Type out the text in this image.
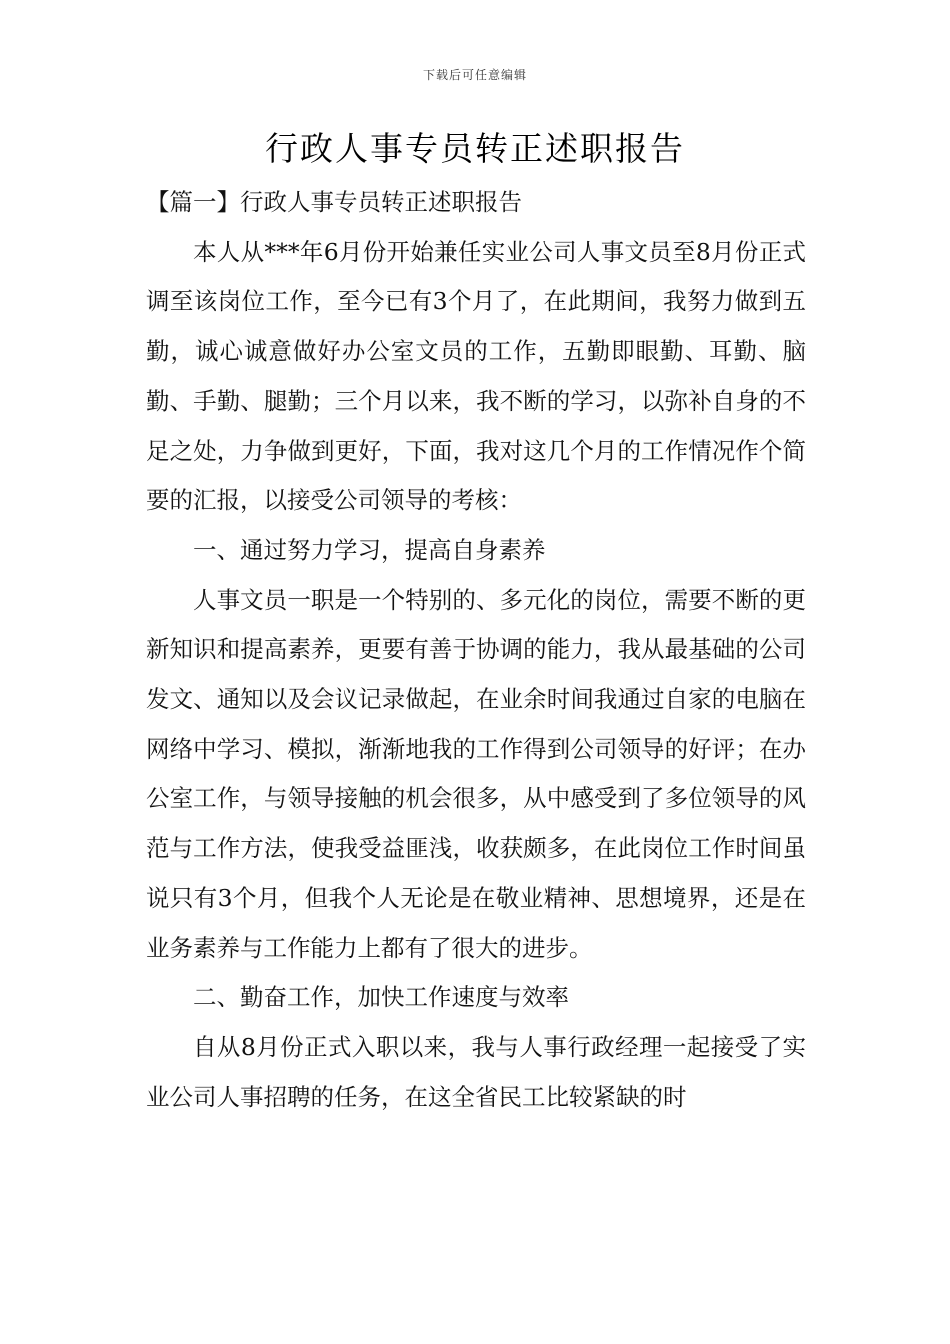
下载后可任意编辑
行政人事专员转正述职报告

【篇一】行政人事专员转正述职报告

本人从***年6月份开始兼任实业公司人事文员至8月份正式调至该岗位工作，至今已有3个月了，在此期间，我努力做到五勤，诚心诚意做好办公室文员的工作，五勤即眼勤、耳勤、脑勤、手勤、腿勤；三个月以来，我不断的学习，以弥补自身的不足之处，力争做到更好，下面，我对这几个月的工作情况作个简要的汇报，以接受公司领导的考核：

一、通过努力学习，提高自身素养

人事文员一职是一个特别的、多元化的岗位，需要不断的更新知识和提高素养，更要有善于协调的能力，我从最基础的公司发文、通知以及会议记录做起，在业余时间我通过自家的电脑在网络中学习、模拟，渐渐地我的工作得到公司领导的好评；在办公室工作，与领导接触的机会很多，从中感受到了多位领导的风范与工作方法，使我受益匪浅，收获颇多，在此岗位工作时间虽说只有3个月，但我个人无论是在敬业精神、思想境界，还是在业务素养与工作能力上都有了很大的进步。

二、勤奋工作，加快工作速度与效率

自从8月份正式入职以来，我与人事行政经理一起接受了实业公司人事招聘的任务，在这全省民工比较紧缺的时
